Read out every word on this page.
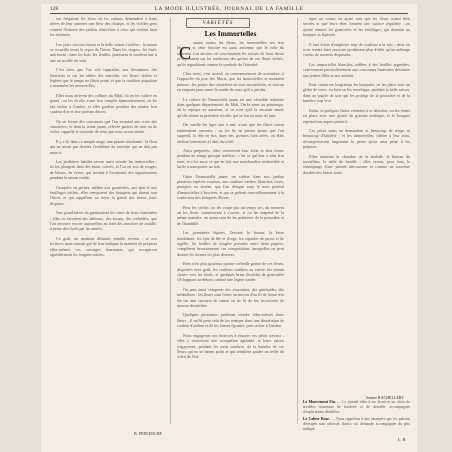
128	LA MODE ILLUSTRÉE, JOURNAL DE LA FAMILLE

ont fréquenté les lieux où les enfants demandent à leurs mères de leur ramener une fleur des champs, et les vieilles gens content l'histoire des jardins d'autrefois à ceux qui veulent bien les entendre.

Les jours raccourcissent et la belle saison s'achève ; la nature se recueille avant le repos de l'hiver. Dans les vergers, les fruits mûrissent ; dans les bois, les feuilles jaunissent et tombent une à une au souffle du vent.

C'est alors que l'on voit reparaître, aux devantures des fleuristes et sur les tables des marchés, ces fleurs sèches et légères que le temps ne flétrit point, et que la tradition populaire a nommées les immortelles.

Elles nous arrivent des collines du Midi, où on les cultive en grand ; on les récolte avant leur complet épanouissement, on les fait sécher à l'ombre, et elles gardent pendant des années leur couleur d'or et leur parfum discret.

On en forme des couronnes que l'on suspend aux croix des cimetières, et dont la teinte jaune, relevée parfois de noir ou de violet, rappelle le souvenir de ceux que nous avons aimés.

Il y a là, dans ce simple usage, une pensée touchante : la fleur qui ne meurt pas devient l'emblème du souvenir qui ne doit pas mourir.

Les jardiniers habiles savent aussi teindre les immortelles ; ils les plongent dans des bains colorés, et l'on en voit de rouges, de bleues, de vertes, qui servent à l'ornement des appartements pendant la saison froide.

Groupées en gerbes, mêlées aux graminées, aux épis et aux feuillages séchés, elles composent des bouquets qui durent tout l'hiver, et qui rappellent au foyer la gaieté des beaux jours disparus.

Nos grand'mères en garnissaient les vases de leurs cheminées ; elles en faisaient des tableaux, des écrans, des corbeilles, que l'on retrouve encore aujourd'hui au fond des armoires de famille, à peine décolorés par les années.

Ce goût, un moment délaissé, semble revenir ; et nos lectrices nous sauront gré de leur indiquer la manière de préparer elles-mêmes ces ouvrages charmants, qui occuperont agréablement les longues soirées.

VARIÉTÉS
Les Immortelles
C

omme toutes les fleurs, les immortelles ont leur histoire, et cette histoire est aussi ancienne que le culte du souvenir. Les anciens en couronnaient les statues de leurs dieux et déposaient sur les tombeaux des gerbes de ces fleurs sèches, qu'ils regardaient comme le symbole de l'éternité.

Chez nous, c'est surtout au commencement de novembre, à l'approche du jour des Morts, que les immortelles se montrent partout ; les portes des cimetières en sont encombrées, et chacun en emporte pour orner la tombe de ceux qu'il a perdus.

La culture de l'immortelle jaune est une véritable industrie dans quelques départements du Midi. On la sème au printemps, on la repique en automne, et ce n'est qu'à la seconde année qu'elle donne sa première récolte, qui se fait au mois de juin.

On cueille les tiges une à une, avant que les fleurs soient entièrement ouvertes ; on les lie en petites bottes que l'on suspend, la tête en bas, dans des greniers bien aérés, où elles sèchent lentement à l'abri du soleil.

Ainsi préparées, elles conservent leur éclat et leur forme pendant un temps presque indéfini ; c'est ce qui leur a valu leur nom, et c'est aussi ce qui en fait une marchandise recherchée et facile à transporter au loin.

Outre l'immortelle jaune, on cultive dans nos jardins plusieurs espèces voisines, aux couleurs variées, blanches, roses, pourpres ou dorées, que l'on désigne sous le nom général d'immortelles à bractées, et qui se prêtent merveilleusement à la confection des bouquets d'hiver.

Pour les sécher, on les coupe par un temps sec, au moment où les fleurs commencent à s'ouvrir, et on les suspend de la même manière, en ayant soin de les préserver de la poussière et de l'humidité.

Les graminées légères, l'avoine, le brome, la brize tremblante, les épis de blé et d'orge, les capsules de pavot et de nigelle, les feuilles de fougère pressées entre deux papiers, complètent heureusement ces compositions, auxquelles on peut donner les formes les plus diverses.

Rien n'est plus gracieux qu'une corbeille garnie de ces fleurs, disposées avec goût, les couleurs sombres au centre, les teintes claires vers les bords, et quelques brins flexibles de graminées s'échappant au-dehors comme une légère fumée.

On peut aussi composer des couronnes, des guirlandes, des médaillons ; les fleurs sont fixées au moyen d'un fil de laiton très fin sur une carcasse de carton ou de fil de fer, recouverte de mousse desséchée.

Quelques personnes préfèrent teindre elles-mêmes leurs fleurs ; il suffit pour cela de les tremper dans une dissolution de couleur d'aniline et de les laisser égoutter, puis sécher à l'ombre.

Nous engageons nos lectrices à essayer ces petits travaux ; elles y trouveront une occupation agréable, et leurs salons s'égayeront, pendant les mois sombres, de la lumière de ces fleurs qui ne se fanent point et qui semblent garder un reflet du soleil de l'été.

tiges au centre, en ayant soin que les fleurs soient bien serrées et que leurs têtes forment une surface régulière ; on ajoute ensuite les graminées et les feuillages, qui donnent au bouquet sa légèreté.

Il faut éviter d'employer trop de couleurs à la fois ; deux ou trois teintes bien assorties produisent plus d'effet qu'un mélange confus de nuances disparates.

Les immortelles blanches, mêlées à des feuilles argentées, conviennent particulièrement aux couronnes funéraires destinées aux jeunes filles et aux enfants.

Pour conserver longtemps les bouquets, on les place sous un globe de verre, ou bien on les enveloppe, pendant la belle saison, dans un papier de soie qui les protège de la poussière et de la lumière trop vive.

Enfin, si quelques fleurs viennent à se détacher, on les remet en place avec une goutte de gomme arabique, et le bouquet reprend son aspect primitif.

Ces petits soins ne demandent ni beaucoup de temps ni beaucoup d'habileté ; et les immortelles, fidèles à leur nom, récompenseront largement la peine qu'on aura prise à les préparer.

Elles orneront la chambre de la malade, le bureau du travailleur, la table de famille ; elles seront, pour tous, le témoignage d'une pensée affectueuse et comme un souvenir durable des beaux jours.

B. PERVENCHE
Jeanne BACHELLERY

Le Mouvement Fin. — Le journal offre à ses lectrices un choix de modèles nouveaux de broderie et de dentelle, accompagnés d'explications détaillées.

Le Cahier Rose. — Nous rappelons à nos abonnées que les patrons découpés sont adressés franco sur demande accompagnée du prix indiqué.

L. H.
